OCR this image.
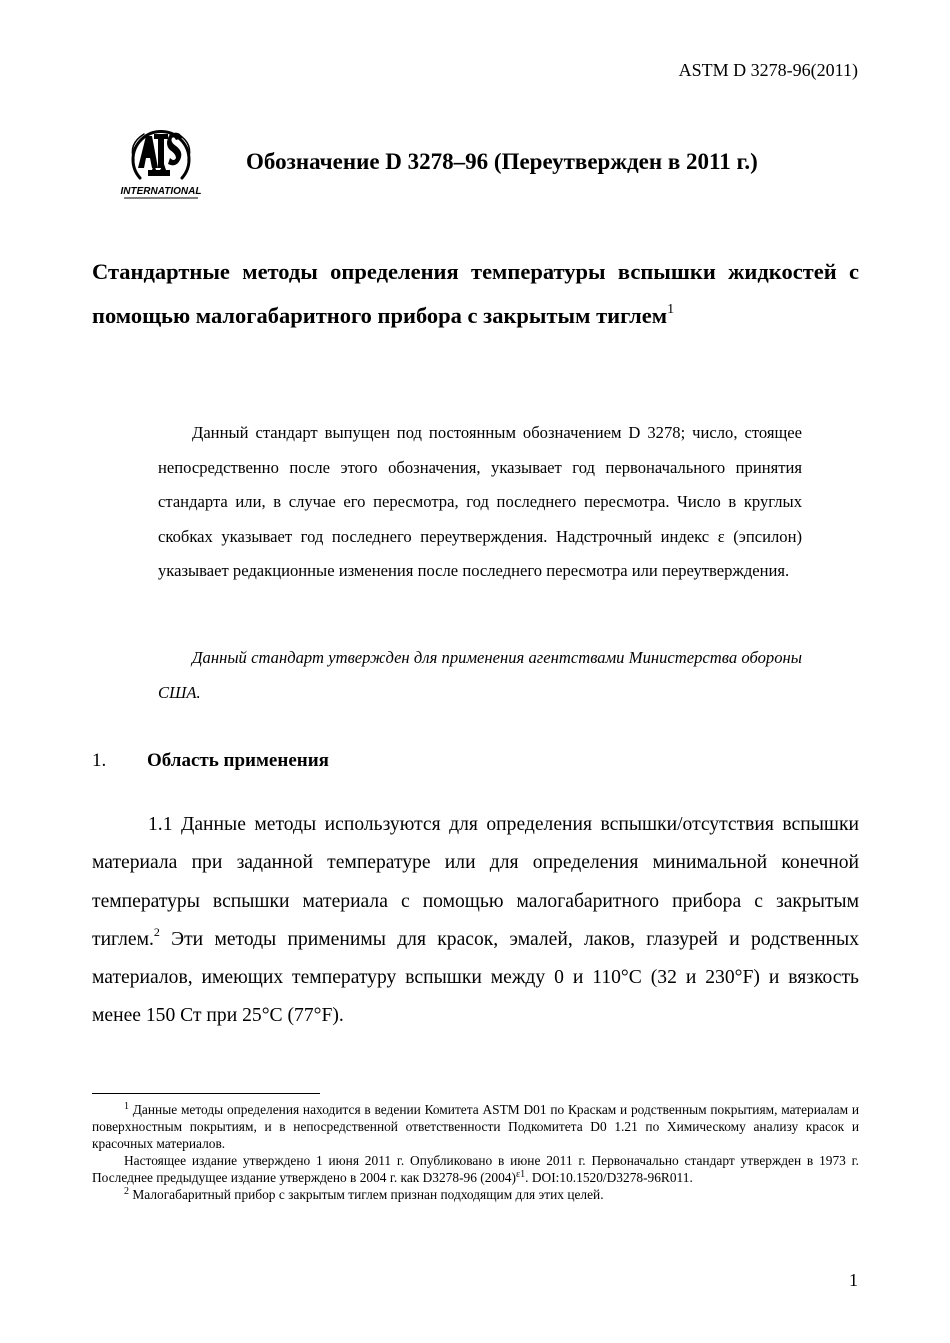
ASTM D 3278-96(2011)
INTERNATIONAL
Обозначение D 3278–96 (Переутвержден в 2011 г.)
Стандартные методы определения температуры вспышки жидкостей с помощью малогабаритного прибора с закрытым тиглем$^1$

Данный стандарт выпущен под постоянным обозначением D 3278; число, стоящее непосредственно после этого обозначения, указывает год первоначального принятия стандарта или, в случае его пересмотра, год последнего пересмотра. Число в круглых скобках указывает год последнего переутверждения. Надстрочный индекс ε (эпсилон) указывает редакционные изменения после последнего пересмотра или переутверждения.

Данный стандарт утвержден для применения агентствами Министерства обороны США.

1. Область применения

1.1 Данные методы используются для определения вспышки/отсутствия вспышки материала при заданной температуре или для определения минимальной конечной температуры вспышки материала с помощью малогабаритного прибора с закрытым тиглем.$^2$ Эти методы применимы для красок, эмалей, лаков, глазурей и родственных материалов, имеющих температуру вспышки между 0 и 110°C (32 и 230°F) и вязкость менее 150 Ст при 25°C (77°F).

$^1$ Данные методы определения находится в ведении Комитета ASTM D01 по Краскам и родственным покрытиям, материалам и поверхностным покрытиям, и в непосредственной ответственности Подкомитета D0 1.21 по Химическому анализу красок и красочных материалов.

Настоящее издание утверждено 1 июня 2011 г. Опубликовано в июне 2011 г. Первоначально стандарт утвержден в 1973 г. Последнее предыдущее издание утверждено в 2004 г. как D3278-96 $(2004)^{\varepsilon 1}$. DOI:10.1520/D3278-96R011.

$^2$ Малогабаритный прибор с закрытым тиглем признан подходящим для этих целей.

1
